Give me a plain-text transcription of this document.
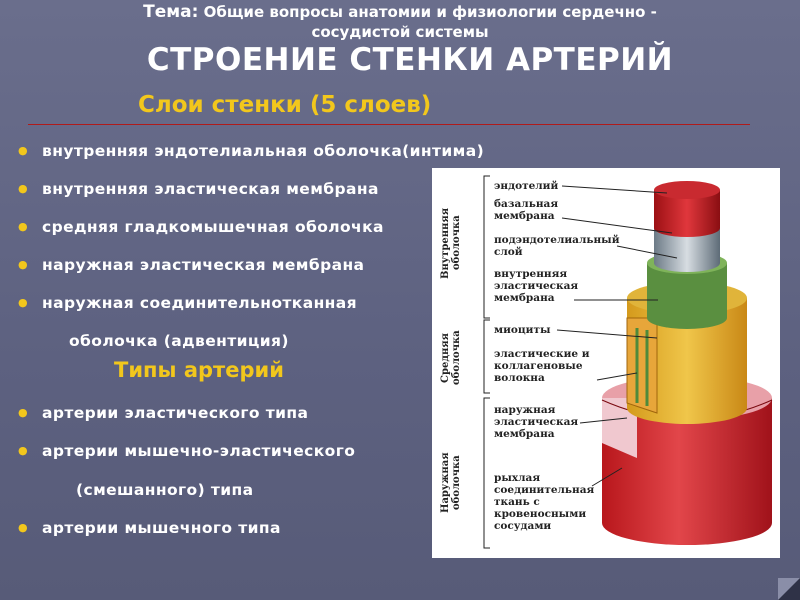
Тема: Общие вопросы анатомии и физиологии сердечно -
сосудистой системы
СТРОЕНИЕ СТЕНКИ АРТЕРИЙ
Слои стенки (5 слоев)
● внутренняя эндотелиальная оболочка(интима)
● внутренняя эластическая мембрана
● средняя гладкомышечная оболочка
● наружная эластическая мембрана
● наружная соединительнотканная
оболочка (адвентиция)
Типы артерий
● артерии эластического типа
● артерии мышечно-эластического
(смешанного) типа
● артерии мышечного типа
Внутренняя оболочка
Средняя оболочка
Наружная оболочка
эндотелий
базальная
мембрана
подэндотелиальный
слой
внутренняя
эластическая
мембрана
миоциты
эластические и
коллагеновые
волокна
наружная
эластическая
мембрана
рыхлая
соединительная
ткань с
кровеносными
сосудами
